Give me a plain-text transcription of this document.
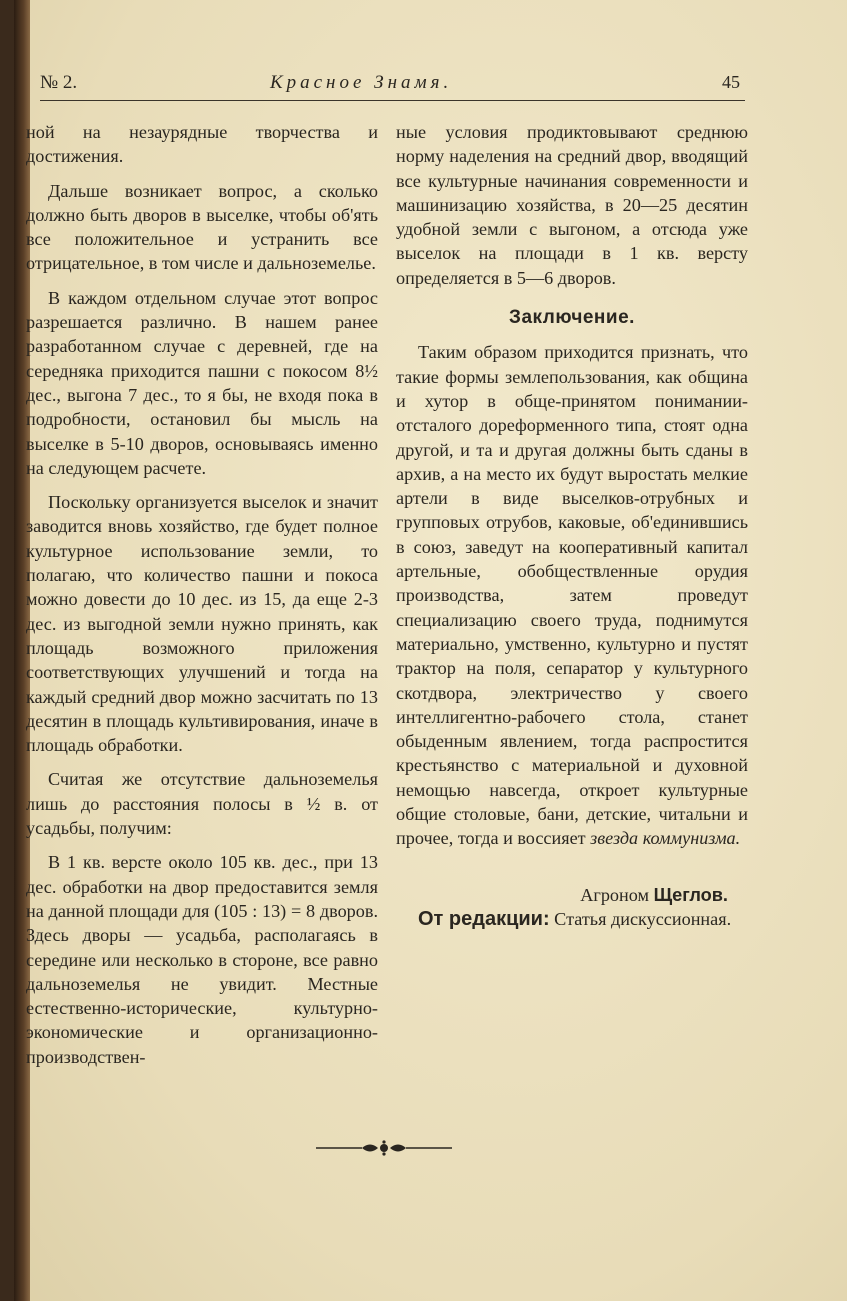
№ 2.	Красное Знамя.	45

ной на незаурядные творчества и достижения.

Дальше возникает вопрос, а сколько должно быть дворов в выселке, чтобы об'ять все положительное и устранить все отрицательное, в том числе и дальноземелье.

В каждом отдельном случае этот вопрос разрешается различно. В нашем ранее разработанном случае с деревней, где на середняка приходится пашни с покосом 8½ дес., выгона 7 дес., то я бы, не входя пока в подробности, остановил бы мысль на выселке в 5-10 дворов, основываясь именно на следующем расчете.

Поскольку организуется выселок и значит заводится вновь хозяйство, где будет полное культурное использование земли, то полагаю, что количество пашни и покоса можно довести до 10 дес. из 15, да еще 2-3 дес. из выгодной земли нужно принять, как площадь возможного приложения соответствующих улучшений и тогда на каждый средний двор можно засчитать по 13 десятин в площадь культивирования, иначе в площадь обработки.

Считая же отсутствие дальноземелья лишь до расстояния полосы в ½ в. от усадьбы, получим:

В 1 кв. версте около 105 кв. дес., при 13 дес. обработки на двор предоставится земля на данной площади для (105 : 13) = 8 дворов. Здесь дворы — усадьба, располагаясь в середине или несколько в стороне, все равно дальноземелья не увидит. Местные естественно-исторические, культурно-экономические и организационно-производствен-

ные условия продиктовывают среднюю норму наделения на средний двор, вводящий все культурные начинания современности и машинизацию хозяйства, в 20—25 десятин удобной земли с выгоном, а отсюда уже выселок на площади в 1 кв. версту определяется в 5—6 дворов.

Заключение.

Таким образом приходится признать, что такие формы землепользования, как община и хутор в обще-принятом понимании-отсталого дореформенного типа, стоят одна другой, и та и другая должны быть сданы в архив, а на место их будут выростать мелкие артели в виде выселков-отрубных и групповых отрубов, каковые, об'единившись в союз, заведут на кооперативный капитал артельные, обобществленные орудия производства, затем проведут специализацию своего труда, поднимутся материально, умственно, культурно и пустят трактор на поля, сепаратор у культурного скотдвора, электричество у своего интеллигентно-рабочего стола, станет обыденным явлением, тогда распростится крестьянство с материальной и духовной немощью навсегда, откроет культурные общие столовые, бани, детские, читальни и прочее, тогда и воссияет звезда коммунизма.

Агроном Щеглов.

От редакции: Статья дискуссионная.
